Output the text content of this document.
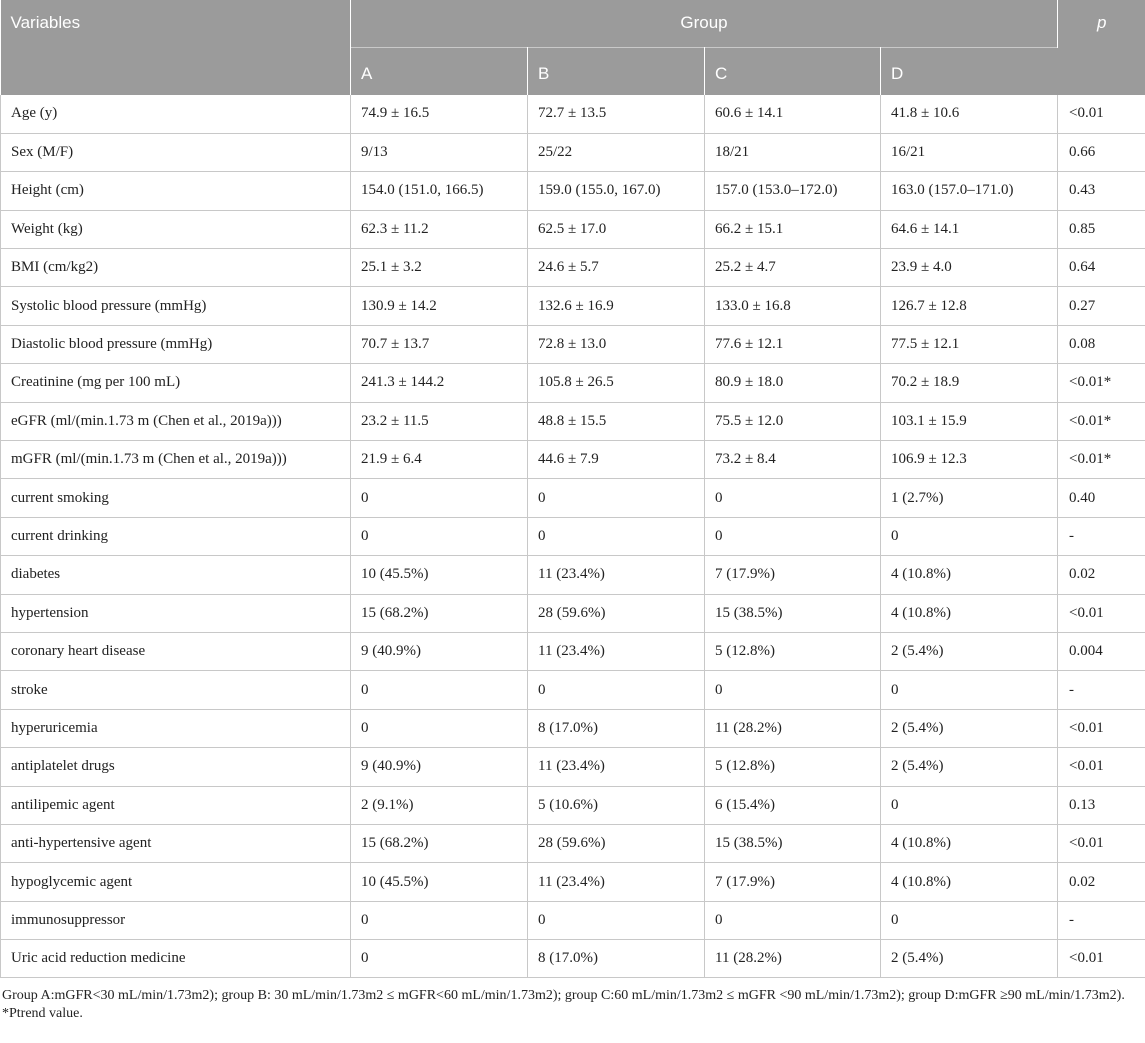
Variables	Group				p
	A	B	C	D	
Age (y)	74.9 ± 16.5	72.7 ± 13.5	60.6 ± 14.1	41.8 ± 10.6	<0.01
Sex (M/F)	9/13	25/22	18/21	16/21	0.66
Height (cm)	154.0 (151.0, 166.5)	159.0 (155.0, 167.0)	157.0 (153.0–172.0)	163.0 (157.0–171.0)	0.43
Weight (kg)	62.3 ± 11.2	62.5 ± 17.0	66.2 ± 15.1	64.6 ± 14.1	0.85
BMI (cm/kg2)	25.1 ± 3.2	24.6 ± 5.7	25.2 ± 4.7	23.9 ± 4.0	0.64
Systolic blood pressure (mmHg)	130.9 ± 14.2	132.6 ± 16.9	133.0 ± 16.8	126.7 ± 12.8	0.27
Diastolic blood pressure (mmHg)	70.7 ± 13.7	72.8 ± 13.0	77.6 ± 12.1	77.5 ± 12.1	0.08
Creatinine (mg per 100 mL)	241.3 ± 144.2	105.8 ± 26.5	80.9 ± 18.0	70.2 ± 18.9	<0.01*
eGFR (ml/(min.1.73 m (Chen et al., 2019a)))	23.2 ± 11.5	48.8 ± 15.5	75.5 ± 12.0	103.1 ± 15.9	<0.01*
mGFR (ml/(min.1.73 m (Chen et al., 2019a)))	21.9 ± 6.4	44.6 ± 7.9	73.2 ± 8.4	106.9 ± 12.3	<0.01*
current smoking	0	0	0	1 (2.7%)	0.40
current drinking	0	0	0	0	-
diabetes	10 (45.5%)	11 (23.4%)	7 (17.9%)	4 (10.8%)	0.02
hypertension	15 (68.2%)	28 (59.6%)	15 (38.5%)	4 (10.8%)	<0.01
coronary heart disease	9 (40.9%)	11 (23.4%)	5 (12.8%)	2 (5.4%)	0.004
stroke	0	0	0	0	-
hyperuricemia	0	8 (17.0%)	11 (28.2%)	2 (5.4%)	<0.01
antiplatelet drugs	9 (40.9%)	11 (23.4%)	5 (12.8%)	2 (5.4%)	<0.01
antilipemic agent	2 (9.1%)	5 (10.6%)	6 (15.4%)	0	0.13
anti-hypertensive agent	15 (68.2%)	28 (59.6%)	15 (38.5%)	4 (10.8%)	<0.01
hypoglycemic agent	10 (45.5%)	11 (23.4%)	7 (17.9%)	4 (10.8%)	0.02
immunosuppressor	0	0	0	0	-
Uric acid reduction medicine	0	8 (17.0%)	11 (28.2%)	2 (5.4%)	<0.01

Group A:mGFR<30 mL/min/1.73m2); group B: 30 mL/min/1.73m2 ≤ mGFR<60 mL/min/1.73m2); group C:60 mL/min/1.73m2 ≤ mGFR <90 mL/min/1.73m2); group D:mGFR ≥90 mL/min/1.73m2).

*Ptrend value.
